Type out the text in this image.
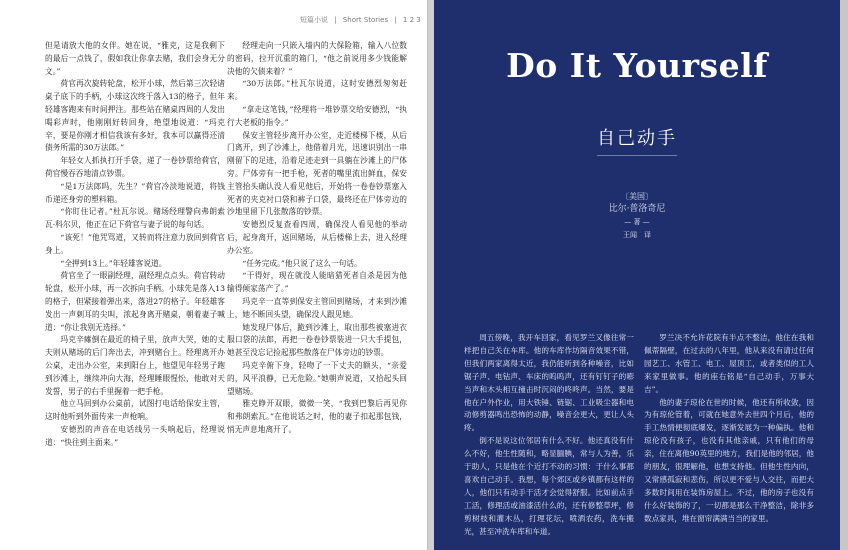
短篇小说 | Short Stories | 1 2 3

但是请放大他的女伴。她在说，“雅克，这是我剩下的最后一点钱了，假如我让你拿去赌，我们会身无分文。”

荷官再次旋转轮盘，松开小球，然后第三次轻诸桌子底下的手柄，小球这次终于落入13的格子，但年轻雄客跑来有时间押注。那些站在赌桌四周的人发出喝彩声时，他刚刚好转回身，绝望地说道：“玛克辛，要是你刚才相信我该有多好，我本可以赢得还清债务所需的30万法郎。”

年轻女人抓执打开手袋，递了一卷钞票给荷官，荷官慢吞吞地清点钞票。

“是1万法郎吗，先生？”荷官冷淡地说道，将钱币递还身旁的塑料箱。

“你盯住记者。”杜瓦尔说。赌场经理警向弗朗索瓦·科尔贝，他正在记下荷官与妻子说的每句话。

“该死！”他咒骂道，又转而将注意力放回到荷官身上。

“全押到13上。”年轻雄客说道。

荷官坐了一眼副经理，副经理点点头。荷官转动轮盘，松开小球，再一次拆向手柄。小球先是落入13的格子，但紧接着弹出来，落进27的格子。年轻雄客发出一声刺耳的尖叫，浓起身离开赌桌，朝着妻子喊道：“你让我别无选择。”

玛克辛瘫倒在最近的椅子里，放声大哭，她的丈夫则从赌场的后门奔出去，冲到赌台上。经理离开办公桌，走出办公室，来到阳台上，他望见年轻男子跑到沙滩上，继续冲向大海，经理睡眼惺忪，他敢对天发誓，男子的右手里握着一把手枪。

他立马回到办公桌前，试图打电话给保安主管，这时他听到外面传来一声枪响。

安德烈的声音在电话线另一头响起后，经理说道：“快往到主面来。”

经理走向一只嵌入墙内的大保险箱，输入八位数的密码，拉开沉重的箱门，“他之前说用多少钱能解决他的欠债来着？”

“30万法郎。”杜瓦尔说道，这时安德烈匆匆赶来。

“拿走这笔钱，”经理将一堆钞票交给安德烈，“执行大老板的指令。”

保安主管轻步离开办公室，走近楼梯下楼，从后门离开，到了沙滩上，他借着月光，迅速识别出一串刚留下的足迹，沿着足迹走到一具躺在沙滩上的尸体旁。尸体旁有一把手枪，死者的嘴里流出鲜血，保安主管抬头确认没人看见他后，开始将一卷卷钞票塞入死者的夹克衬口袋和裤子口袋，最终还在尸体旁边的沙地里留下几张散落的钞票。

安德烈反复查看四周，确保没人看见他的举动后，起身离开，返回赌场，从后楼梯上去，进入经理办公室。

“任务完成。”他只说了这么一句话。

“干得好，现在就没人能暗猎死者自杀是因为他输得倾家荡产了。”

玛克辛一直等到保安主管回到赌场，才来到沙滩上，她不断回头望，确保没人跟见她。

她发现尸体后，跪到沙滩上，取出那些被塞进衣服口袋的法郎，再把一卷卷钞票装进一只大手提包，她甚至没忘记捡起那些散落在尸体旁边的钞票。

玛克辛俯下身，轻吻了一下丈夫的额头，“亲爱的，风平浪静，已无危险。”她朝声说道，又拾起头回望赌场。

雅克睁开双眼，微微一笑，“我到巴黎后再见你和弗朗索瓦。”在他说话之时，他的妻子扣起那包钱，悄无声息地离开了。

Do It Yourself
自己动手
〔美国〕
比尔·普洛奇尼
— 著 —
王闻　译

周五傍晚，我开车回家，看见罗兰又像往常一样把自己关在车库。他的车库作坊隔音效果不错，但我们两家离得太近，我仍能听到各种噪音，比如锯子声、电钻声、车床的呜呜声，还有钉钉子的嘭当声和木头相互撞击时沉闷的咚咚声。当然，要是他在户外作业，用大铁锤、链锯、工业吸尘器和电动修剪器鸣出恐怖的动静，噪音会更大，更让人头疼。

倒不是说这位邻居有什么不好。他还真没有什么不好，他生性随和，略显腼腆，常与人为善，乐于助人，只是他在个近打不动的习惯：于什么事都喜欢自己动手。我想，每个郊区或乡镇都有这样的人，他们只有动手干活才会觉得舒服。比如前点手工活，修理活或油漆活什么的，还有修整草坪，修剪树枝和灌木丛，打理花坛，喷洒农药，洗车搬光，甚至冲洗车库和车道。

罗兰决不允许花院有半点不整洁，他住在我和佩蒂隔壁，在过去的八年里，他从来没有请过任何园艺工、水管工、电工、屋顶工，或者类似的工人来家里做事。他的座右铭是“自己动手，万事大吉”。

他的妻子琼伦在世的时候，他还有所收敛，因为有琼伦管着，可就在她意外去世四个月后，他的手工热情便彻底爆发，逐渐发展为一种偏执。他和琼伦没有孩子，也没有其他亲戚，只有他们的母亲，住在离他90英里的地方，我们是他的邻居，他的朋友，很理解他，也想支持他。但他生性内向，又常感孤寂和悲伤，所以更不爱与人交往，而把大多数时间用在装饰房屋上。不过，他的房子也没有什么好装饰的了，一切都是那么干净整洁，除非多数点家具，堆在窗帘满满当当的家里。
